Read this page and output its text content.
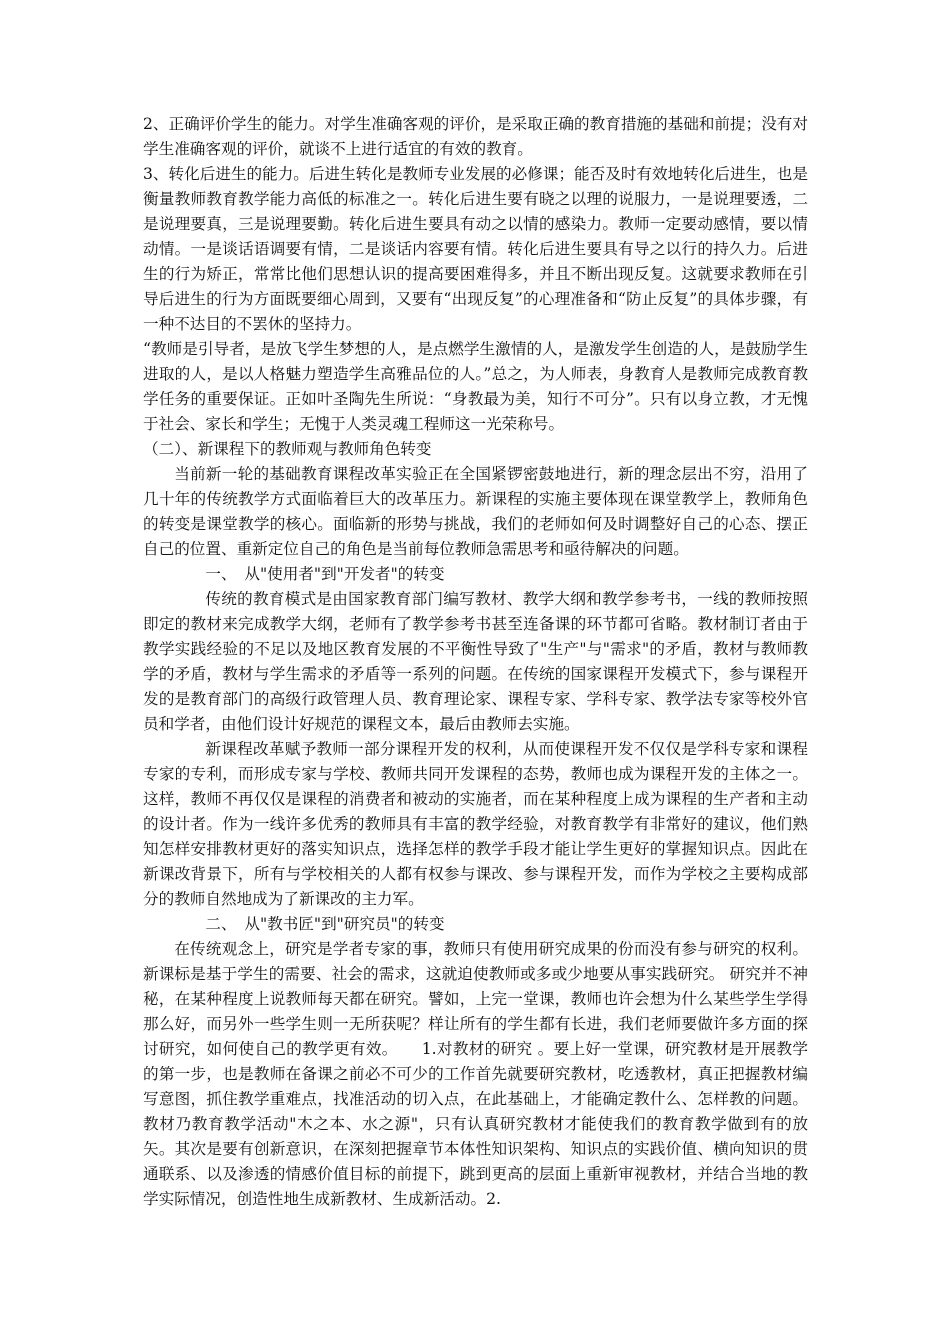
2、正确评价学生的能力。对学生准确客观的评价，是采取正确的教育措施的基础和前提；没有对学生准确客观的评价，就谈不上进行适宜的有效的教育。

3、转化后进生的能力。后进生转化是教师专业发展的必修课；能否及时有效地转化后进生，也是衡量教师教育教学能力高低的标准之一。转化后进生要有晓之以理的说服力，一是说理要透，二是说理要真，三是说理要勤。转化后进生要具有动之以情的感染力。教师一定要动感情，要以情动情。一是谈话语调要有情，二是谈话内容要有情。转化后进生要具有导之以行的持久力。后进生的行为矫正，常常比他们思想认识的提高要困难得多，并且不断出现反复。这就要求教师在引导后进生的行为方面既要细心周到，又要有“出现反复”的心理准备和“防止反复”的具体步骤，有一种不达目的不罢休的坚持力。

“教师是引导者，是放飞学生梦想的人，是点燃学生激情的人，是激发学生创造的人，是鼓励学生进取的人，是以人格魅力塑造学生高雅品位的人。”总之，为人师表，身教育人是教师完成教育教学任务的重要保证。正如叶圣陶先生所说：“身教最为美，知行不可分”。只有以身立教，才无愧于社会、家长和学生；无愧于人类灵魂工程师这一光荣称号。

（二）、新课程下的教师观与教师角色转变

当前新一轮的基础教育课程改革实验正在全国紧锣密鼓地进行，新的理念层出不穷，沿用了几十年的传统教学方式面临着巨大的改革压力。新课程的实施主要体现在课堂教学上，教师角色的转变是课堂教学的核心。面临新的形势与挑战，我们的老师如何及时调整好自己的心态、摆正自己的位置、重新定位自己的角色是当前每位教师急需思考和亟待解决的问题。

一、　从"使用者"到"开发者"的转变

传统的教育模式是由国家教育部门编写教材、教学大纲和教学参考书，一线的教师按照即定的教材来完成教学大纲，老师有了教学参考书甚至连备课的环节都可省略。教材制订者由于教学实践经验的不足以及地区教育发展的不平衡性导致了"生产"与"需求"的矛盾，教材与教师教学的矛盾，教材与学生需求的矛盾等一系列的问题。在传统的国家课程开发模式下，参与课程开发的是教育部门的高级行政管理人员、教育理论家、课程专家、学科专家、教学法专家等校外官员和学者，由他们设计好规范的课程文本，最后由教师去实施。

新课程改革赋予教师一部分课程开发的权利，从而使课程开发不仅仅是学科专家和课程专家的专利，而形成专家与学校、教师共同开发课程的态势，教师也成为课程开发的主体之一。这样，教师不再仅仅是课程的消费者和被动的实施者，而在某种程度上成为课程的生产者和主动的设计者。作为一线许多优秀的教师具有丰富的教学经验，对教育教学有非常好的建议，他们熟知怎样安排教材更好的落实知识点，选择怎样的教学手段才能让学生更好的掌握知识点。因此在新课改背景下，所有与学校相关的人都有权参与课改、参与课程开发，而作为学校之主要构成部分的教师自然地成为了新课改的主力军。

二、　从"教书匠"到"研究员"的转变

在传统观念上，研究是学者专家的事，教师只有使用研究成果的份而没有参与研究的权利。新课标是基于学生的需要、社会的需求，这就迫使教师或多或少地要从事实践研究。 研究并不神秘，在某种程度上说教师每天都在研究。譬如，上完一堂课，教师也许会想为什么某些学生学得那么好，而另外一些学生则一无所获呢？样让所有的学生都有长进，我们老师要做许多方面的探讨研究，如何使自己的教学更有效。　　1.对教材的研究 。要上好一堂课，研究教材是开展教学的第一步，也是教师在备课之前必不可少的工作首先就要研究教材，吃透教材，真正把握教材编写意图，抓住教学重难点，找准活动的切入点，在此基础上，才能确定教什么、怎样教的问题。教材乃教育教学活动"木之本、水之源"，只有认真研究教材才能使我们的教育教学做到有的放矢。其次是要有创新意识，在深刻把握章节本体性知识架构、知识点的实践价值、横向知识的贯通联系、以及渗透的情感价值目标的前提下，跳到更高的层面上重新审视教材，并结合当地的教学实际情况，创造性地生成新教材、生成新活动。2.
